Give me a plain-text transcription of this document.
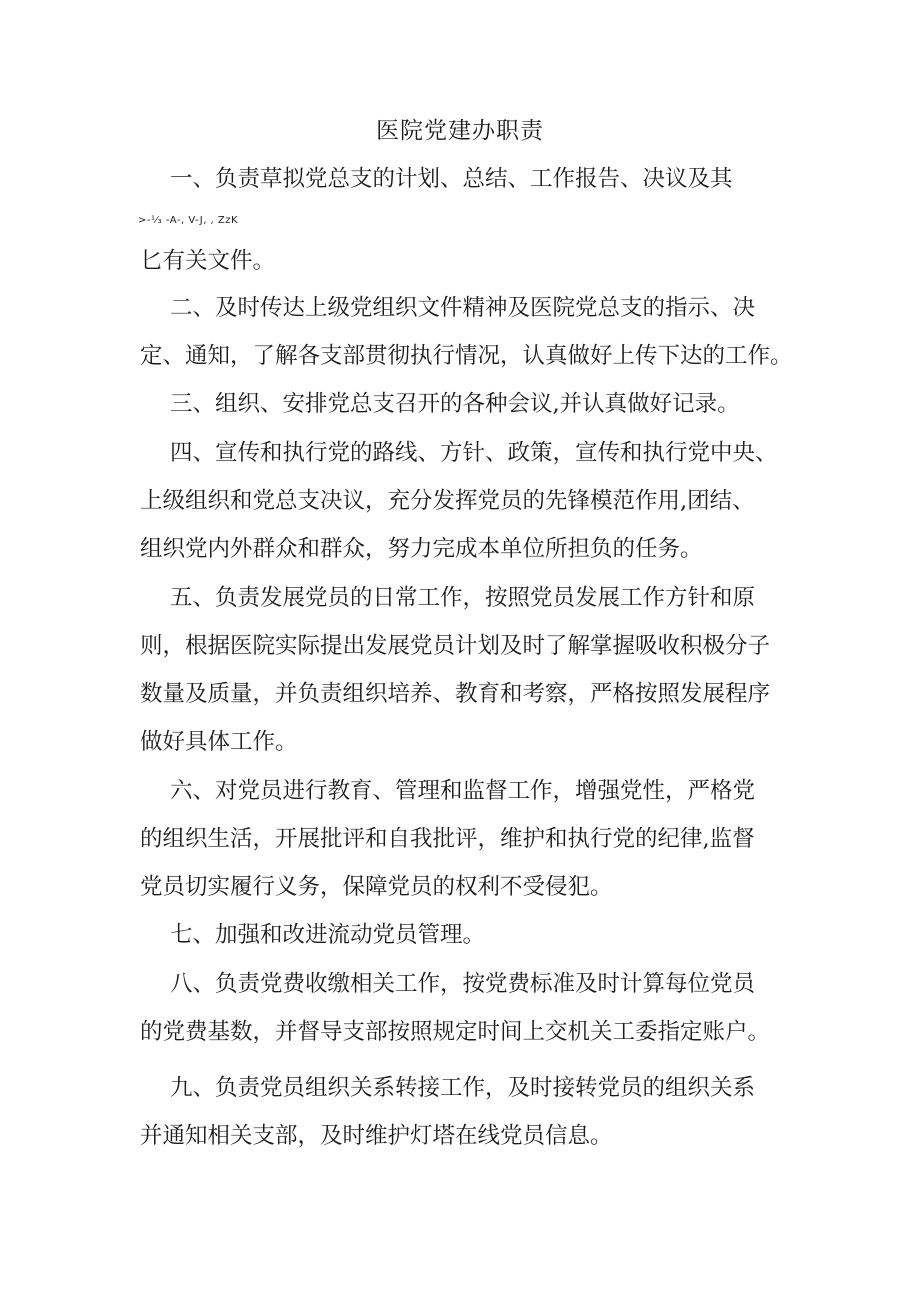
医院党建办职责
一、负责草拟党总支的计划、总结、工作报告、决议及其
>-¹⁄₃ -A-, V-J, , ZzK
匕有关文件。
二、及时传达上级党组织文件精神及医院党总支的指示、决
定、通知，了解各支部贯彻执行情况，认真做好上传下达的工作。
三、组织、安排党总支召开的各种会议,并认真做好记录。
四、宣传和执行党的路线、方针、政策，宣传和执行党中央、
上级组织和党总支决议，充分发挥党员的先锋模范作用,团结、
组织党内外群众和群众，努力完成本单位所担负的任务。
五、负责发展党员的日常工作，按照党员发展工作方针和原
则，根据医院实际提出发展党员计划及时了解掌握吸收积极分子
数量及质量，并负责组织培养、教育和考察，严格按照发展程序
做好具体工作。
六、对党员进行教育、管理和监督工作，增强党性，严格党
的组织生活，开展批评和自我批评，维护和执行党的纪律,监督
党员切实履行义务，保障党员的权利不受侵犯。
七、加强和改进流动党员管理。
八、负责党费收缴相关工作，按党费标准及时计算每位党员
的党费基数，并督导支部按照规定时间上交机关工委指定账户。
九、负责党员组织关系转接工作，及时接转党员的组织关系
并通知相关支部，及时维护灯塔在线党员信息。
